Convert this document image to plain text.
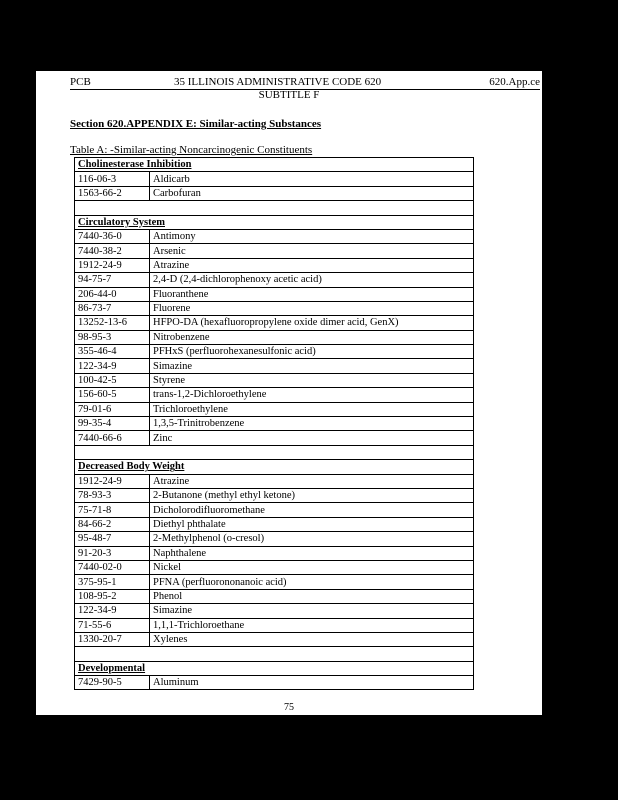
PCB	35 ILLINOIS ADMINISTRATIVE CODE 620	620.App.ce
SUBTITLE F
Section 620.APPENDIX E: Similar-acting Substances
Table A: -Similar-acting Noncarcinogenic Constituents
Cholinesterase Inhibition	
116-06-3	Aldicarb
1563-66-2	Carbofuran

Circulatory System	
7440-36-0	Antimony
7440-38-2	Arsenic
1912-24-9	Atrazine
94-75-7	2,4-D (2,4-dichlorophenoxy acetic acid)
206-44-0	Fluoranthene
86-73-7	Fluorene
13252-13-6	HFPO-DA (hexafluoropropylene oxide dimer acid, GenX)
98-95-3	Nitrobenzene
355-46-4	PFHxS (perfluorohexanesulfonic acid)
122-34-9	Simazine
100-42-5	Styrene
156-60-5	trans-1,2-Dichloroethylene
79-01-6	Trichloroethylene
99-35-4	1,3,5-Trinitrobenzene
7440-66-6	Zinc

Decreased Body Weight	
1912-24-9	Atrazine
78-93-3	2-Butanone (methyl ethyl ketone)
75-71-8	Dicholorodifluoromethane
84-66-2	Diethyl phthalate
95-48-7	2-Methylphenol (o-cresol)
91-20-3	Naphthalene
7440-02-0	Nickel
375-95-1	PFNA (perfluorononanoic acid)
108-95-2	Phenol
122-34-9	Simazine
71-55-6	1,1,1-Trichloroethane
1330-20-7	Xylenes

Developmental	
7429-90-5	Aluminum
75
